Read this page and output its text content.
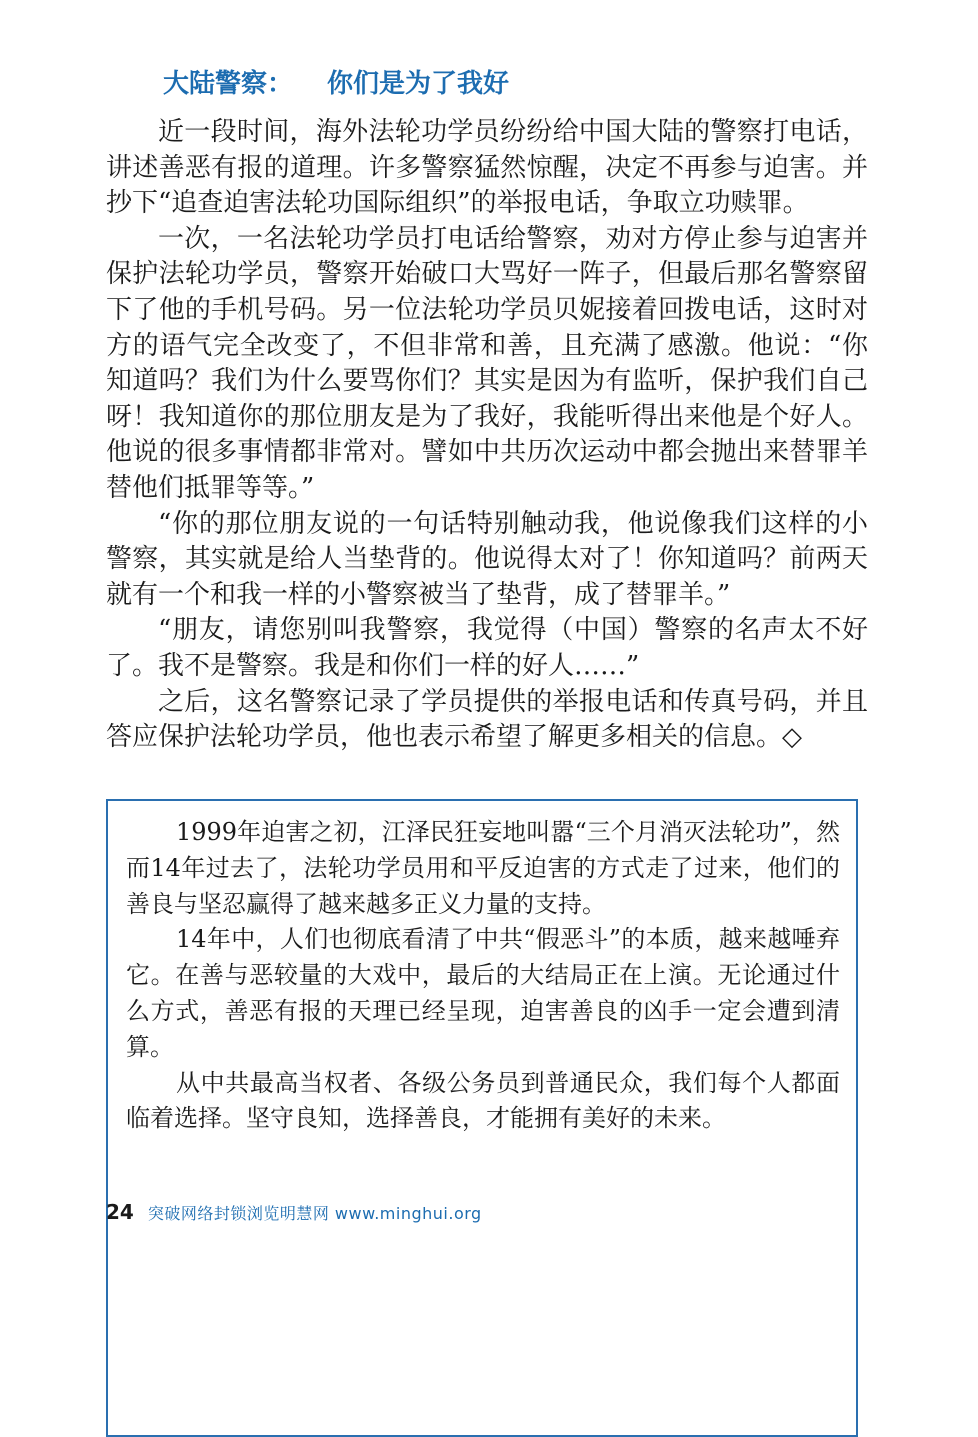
大陆警察： 你们是为了我好

近一段时间，海外法轮功学员纷纷给中国大陆的警察打电话，讲述善恶有报的道理。许多警察猛然惊醒，决定不再参与迫害。并抄下“追查迫害法轮功国际组织”的举报电话，争取立功赎罪。

一次，一名法轮功学员打电话给警察，劝对方停止参与迫害并保护法轮功学员，警察开始破口大骂好一阵子，但最后那名警察留下了他的手机号码。另一位法轮功学员贝妮接着回拨电话，这时对方的语气完全改变了，不但非常和善，且充满了感激。他说：“你知道吗？我们为什么要骂你们？其实是因为有监听，保护我们自己呀！我知道你的那位朋友是为了我好，我能听得出来他是个好人。他说的很多事情都非常对。譬如中共历次运动中都会抛出来替罪羊替他们抵罪等等。”

“你的那位朋友说的一句话特别触动我，他说像我们这样的小警察，其实就是给人当垫背的。他说得太对了！你知道吗？前两天就有一个和我一样的小警察被当了垫背，成了替罪羊。”

“朋友，请您别叫我警察，我觉得（中国）警察的名声太不好了。我不是警察。我是和你们一样的好人……”

之后，这名警察记录了学员提供的举报电话和传真号码，并且答应保护法轮功学员，他也表示希望了解更多相关的信息。◇

1999年迫害之初，江泽民狂妄地叫嚣“三个月消灭法轮功”，然而14年过去了，法轮功学员用和平反迫害的方式走了过来，他们的善良与坚忍赢得了越来越多正义力量的支持。

14年中，人们也彻底看清了中共“假恶斗”的本质，越来越唾弃它。在善与恶较量的大戏中，最后的大结局正在上演。无论通过什么方式，善恶有报的天理已经呈现，迫害善良的凶手一定会遭到清算。

从中共最高当权者、各级公务员到普通民众，我们每个人都面临着选择。坚守良知，选择善良，才能拥有美好的未来。

24 突破网络封锁浏览明慧网 www.minghui.org
